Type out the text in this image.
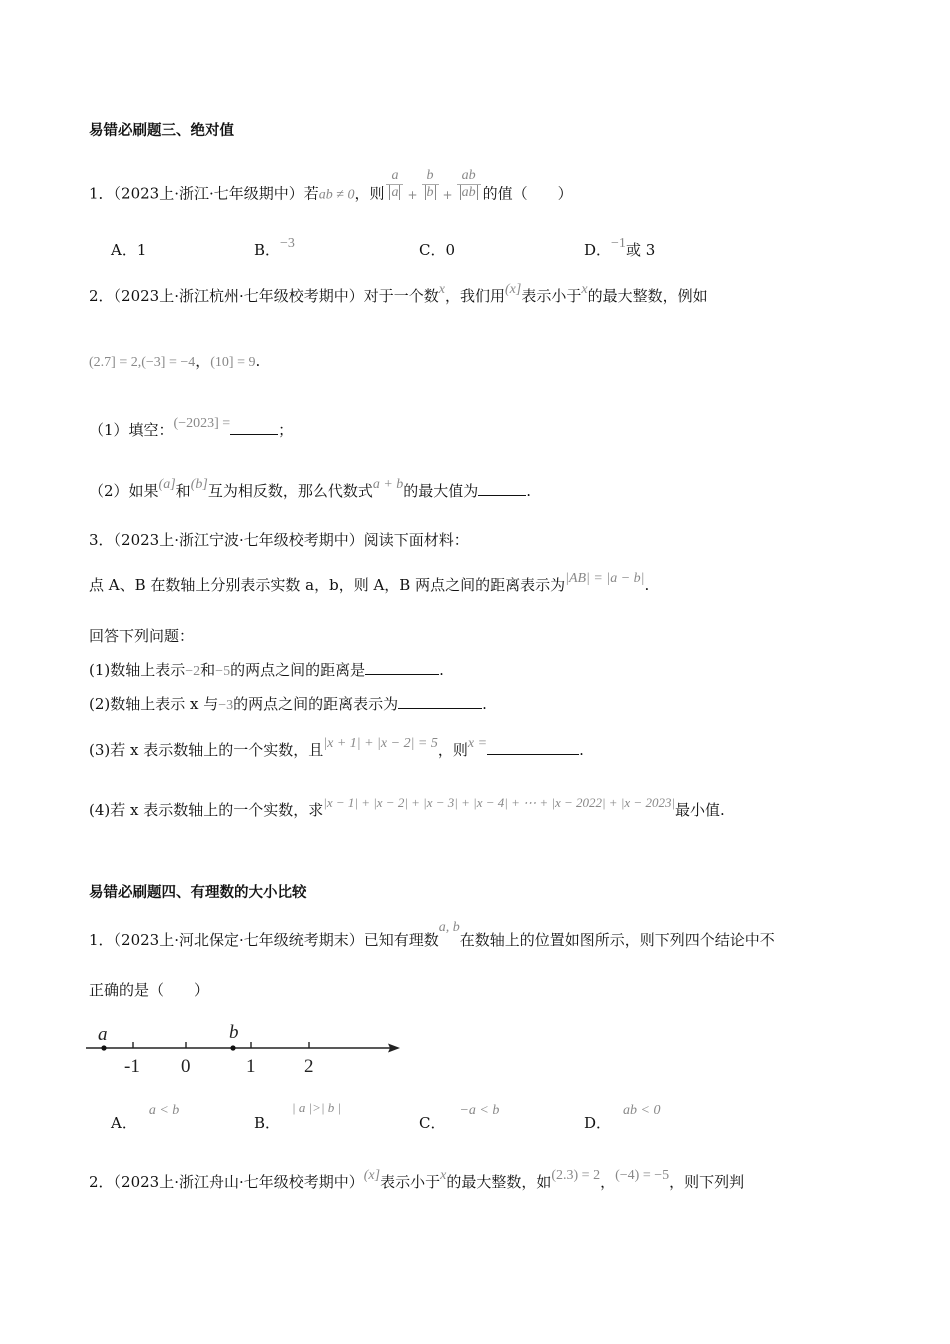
易错必刷题三、绝对值
1．（2023上·浙江·七年级期中）若ab ≠ 0，则 $\frac{a}{a} + \frac{b}{b} + \frac{ab}{ab}$ 的值（　　）
A．1	B．−3	C．0	D．−1或 3
2．（2023上·浙江杭州·七年级校考期中）对于一个数x，我们用(x]表示小于x的最大整数，例如
(2.7] = 2,(−3] = −4，(10] = 9.
（1）填空：(−2023] =	；
（2）如果(a]和(b]互为相反数，那么代数式a + b的最大值为	.
3．（2023上·浙江宁波·七年级校考期中）阅读下面材料：
点 A、B 在数轴上分别表示实数 a，b，则 A，B 两点之间的距离表示为|AB| = |a − b|.
回答下列问题：
(1)数轴上表示−2和−5的两点之间的距离是	.
(2)数轴上表示 x 与−3的两点之间的距离表示为	.
(3)若 x 表示数轴上的一个实数，且|x + 1| + |x − 2| = 5，则x =	.
(4)若 x 表示数轴上的一个实数，求|x − 1| + |x − 2| + |x − 3| + |x − 4| + ⋯ + |x − 2022| + |x − 2023|最小值.
易错必刷题四、有理数的大小比较
1．（2023上·河北保定·七年级统考期末）已知有理数a, b在数轴上的位置如图所示，则下列四个结论中不
正确的是（　　）
a	b
-1 0	1	2
A．a < b
B．| a |>| b |
C．−a < b
D．ab < 0
2．（2023上·浙江舟山·七年级校考期中）(x]表示小于x的最大整数，如(2.3) = 2，(−4) = −5，则下列判
